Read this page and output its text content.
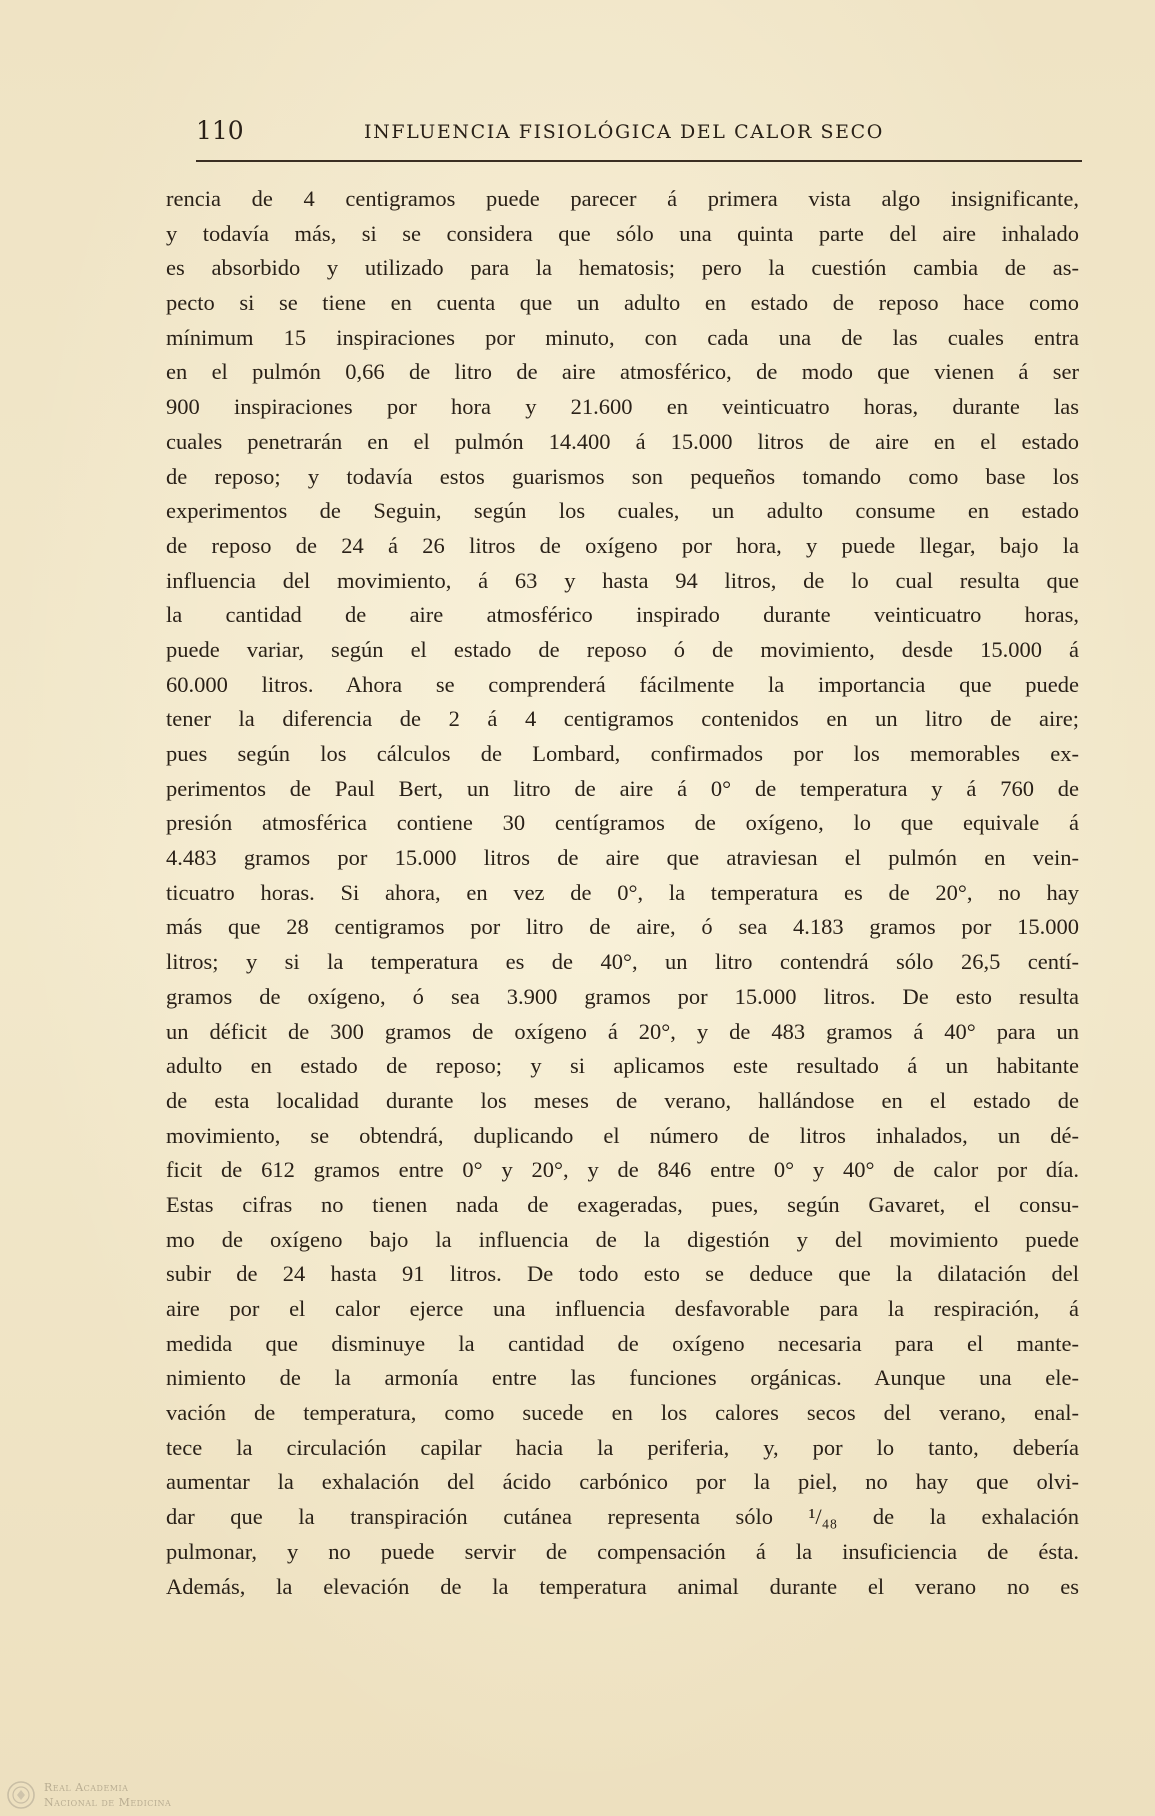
110	INFLUENCIA FISIOLÓGICA DEL CALOR SECO
rencia de 4 centigramos puede parecer á primera vista algo insignificante,
y todavía más, si se considera que sólo una quinta parte del aire inhalado
es absorbido y utilizado para la hematosis; pero la cuestión cambia de as-
pecto si se tiene en cuenta que un adulto en estado de reposo hace como
mínimum 15 inspiraciones por minuto, con cada una de las cuales entra
en el pulmón 0,66 de litro de aire atmosférico, de modo que vienen á ser
900 inspiraciones por hora y 21.600 en veinticuatro horas, durante las
cuales penetrarán en el pulmón 14.400 á 15.000 litros de aire en el estado
de reposo; y todavía estos guarismos son pequeños tomando como base los
experimentos de Seguin, según los cuales, un adulto consume en estado
de reposo de 24 á 26 litros de oxígeno por hora, y puede llegar, bajo la
influencia del movimiento, á 63 y hasta 94 litros, de lo cual resulta que
la cantidad de aire atmosférico inspirado durante veinticuatro horas,
puede variar, según el estado de reposo ó de movimiento, desde 15.000 á
60.000 litros. Ahora se comprenderá fácilmente la importancia que puede
tener la diferencia de 2 á 4 centigramos contenidos en un litro de aire;
pues según los cálculos de Lombard, confirmados por los memorables ex-
perimentos de Paul Bert, un litro de aire á 0° de temperatura y á 760 de
presión atmosférica contiene 30 centígramos de oxígeno, lo que equivale á
4.483 gramos por 15.000 litros de aire que atraviesan el pulmón en vein-
ticuatro horas. Si ahora, en vez de 0°, la temperatura es de 20°, no hay
más que 28 centigramos por litro de aire, ó sea 4.183 gramos por 15.000
litros; y si la temperatura es de 40°, un litro contendrá sólo 26,5 centí-
gramos de oxígeno, ó sea 3.900 gramos por 15.000 litros. De esto resulta
un déficit de 300 gramos de oxígeno á 20°, y de 483 gramos á 40° para un
adulto en estado de reposo; y si aplicamos este resultado á un habitante
de esta localidad durante los meses de verano, hallándose en el estado de
movimiento, se obtendrá, duplicando el número de litros inhalados, un dé-
ficit de 612 gramos entre 0° y 20°, y de 846 entre 0° y 40° de calor por día.
Estas cifras no tienen nada de exageradas, pues, según Gavaret, el consu-
mo de oxígeno bajo la influencia de la digestión y del movimiento puede
subir de 24 hasta 91 litros. De todo esto se deduce que la dilatación del
aire por el calor ejerce una influencia desfavorable para la respiración, á
medida que disminuye la cantidad de oxígeno necesaria para el mante-
nimiento de la armonía entre las funciones orgánicas. Aunque una ele-
vación de temperatura, como sucede en los calores secos del verano, enal-
tece la circulación capilar hacia la periferia, y, por lo tanto, debería
aumentar la exhalación del ácido carbónico por la piel, no hay que olvi-
dar que la transpiración cutánea representa sólo ¹/₄₈ de la exhalación
pulmonar, y no puede servir de compensación á la insuficiencia de ésta.
Además, la elevación de la temperatura animal durante el verano no es
Real Academia
Nacional de Medicina
